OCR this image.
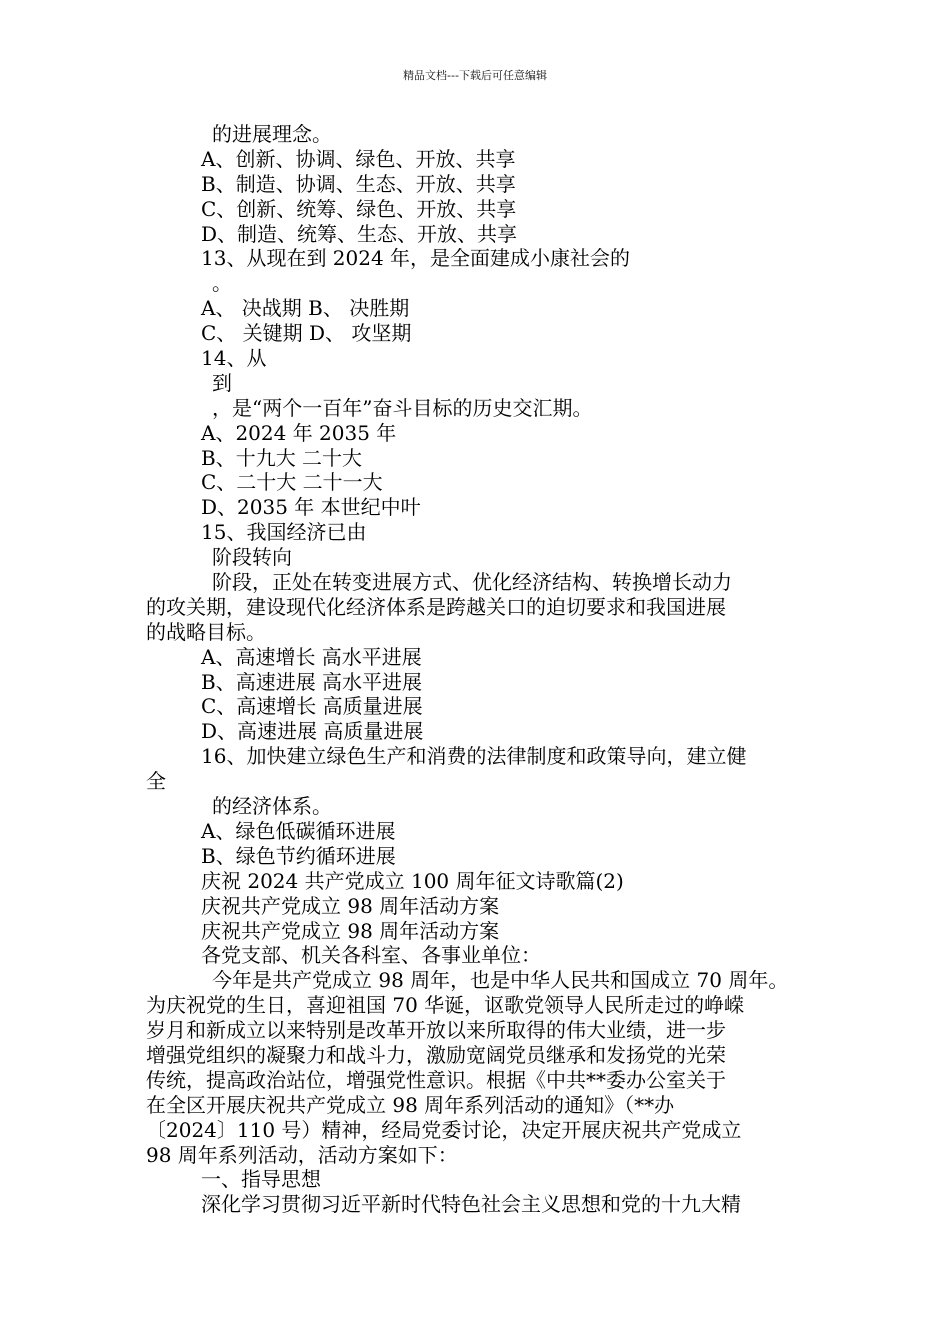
精品文档---下载后可任意编辑
的进展理念。
A、创新、协调、绿色、开放、共享
B、制造、协调、生态、开放、共享
C、创新、统筹、绿色、开放、共享
D、制造、统筹、生态、开放、共享
13、从现在到 2024 年，是全面建成小康社会的
。
A、 决战期 B、 决胜期
C、 关键期 D、 攻坚期
14、从
到
，是“两个一百年”奋斗目标的历史交汇期。
A、2024 年 2035 年
B、十九大 二十大
C、二十大 二十一大
D、2035 年 本世纪中叶
15、我国经济已由
阶段转向
阶段，正处在转变进展方式、优化经济结构、转换增长动力
的攻关期，建设现代化经济体系是跨越关口的迫切要求和我国进展
的战略目标。
A、高速增长 高水平进展
B、高速进展 高水平进展
C、高速增长 高质量进展
D、高速进展 高质量进展
16、加快建立绿色生产和消费的法律制度和政策导向，建立健
全
的经济体系。
A、绿色低碳循环进展
B、绿色节约循环进展
庆祝 2024 共产党成立 100 周年征文诗歌篇(2)
庆祝共产党成立 98 周年活动方案
庆祝共产党成立 98 周年活动方案
各党支部、机关各科室、各事业单位：
今年是共产党成立 98 周年，也是中华人民共和国成立 70 周年。
为庆祝党的生日，喜迎祖国 70 华诞，讴歌党领导人民所走过的峥嵘
岁月和新成立以来特别是改革开放以来所取得的伟大业绩，进一步
增强党组织的凝聚力和战斗力，激励宽阔党员继承和发扬党的光荣
传统，提高政治站位，增强党性意识。根据《中共**委办公室关于
在全区开展庆祝共产党成立 98 周年系列活动的通知》（**办
〔2024〕110 号）精神，经局党委讨论，决定开展庆祝共产党成立
98 周年系列活动，活动方案如下：
一、指导思想
深化学习贯彻习近平新时代特色社会主义思想和党的十九大精
